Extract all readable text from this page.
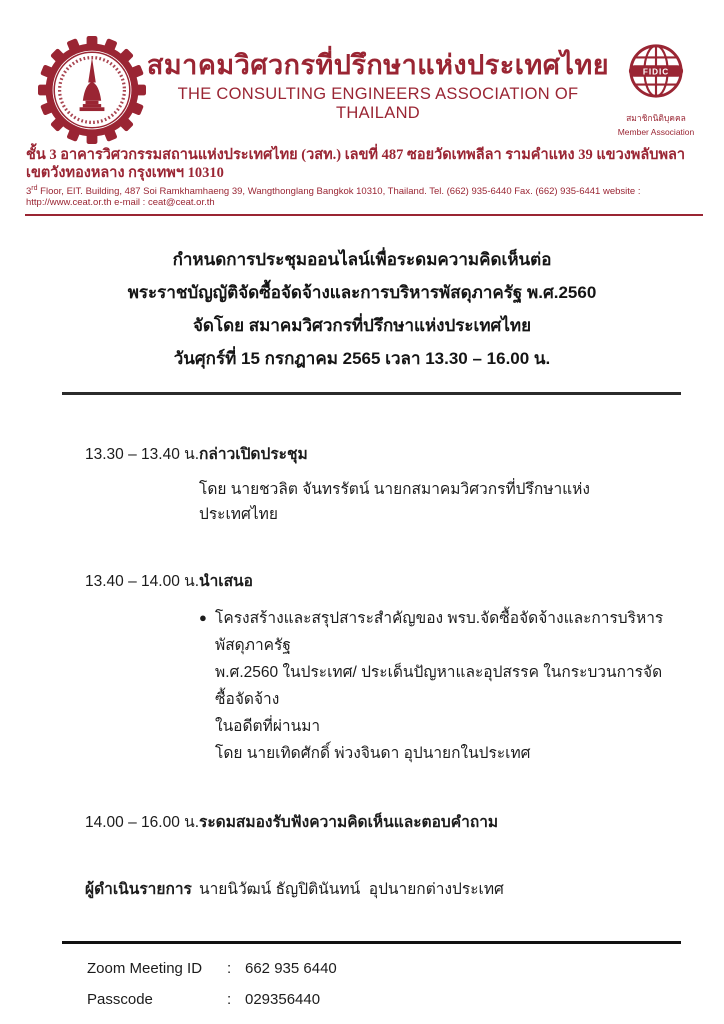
สมาคมวิศวกรที่ปรึกษาแห่งประเทศไทย
THE CONSULTING ENGINEERS ASSOCIATION OF THAILAND
FIDIC
สมาชิกนิติบุคคล
Member Association
ชั้น 3 อาคารวิศวกรรมสถานแห่งประเทศไทย (วสท.) เลขที่ 487 ซอยวัดเทพลีลา รามคำแหง 39 แขวงพลับพลา เขตวังทองหลาง กรุงเทพฯ 10310
3rd Floor, EIT. Building, 487 Soi Ramkhamhaeng 39, Wangthonglang Bangkok 10310, Thailand. Tel. (662) 935-6440 Fax. (662) 935-6441 website : http://www.ceat.or.th e-mail : ceat@ceat.or.th
กำหนดการประชุมออนไลน์เพื่อระดมความคิดเห็นต่อ
พระราชบัญญัติจัดซื้อจัดจ้างและการบริหารพัสดุภาครัฐ พ.ศ.2560
จัดโดย สมาคมวิศวกรที่ปรึกษาแห่งประเทศไทย
วันศุกร์ที่ 15 กรกฎาคม 2565 เวลา 13.30 – 16.00 น.
13.30 – 13.40 น. กล่าวเปิดประชุม
โดย นายชวลิต จันทรรัตน์ นายกสมาคมวิศวกรที่ปรึกษาแห่งประเทศไทย
13.40 – 14.00 น. นำเสนอ
● โครงสร้างและสรุปสาระสำคัญของ พรบ.จัดซื้อจัดจ้างและการบริหารพัสดุภาครัฐ
พ.ศ.2560 ในประเทศ/ ประเด็นปัญหาและอุปสรรค ในกระบวนการจัดซื้อจัดจ้าง
ในอดีตที่ผ่านมา
โดย นายเทิดศักดิ์ พ่วงจินดา อุปนายกในประเทศ
14.00 – 16.00 น. ระดมสมองรับฟังความคิดเห็นและตอบคำถาม
ผู้ดำเนินรายการ นายนิวัฒน์ ธัญปิตินันทน์  อุปนายกต่างประเทศ
Zoom Meeting ID	: 662 935 6440
Passcode	: 029356440
